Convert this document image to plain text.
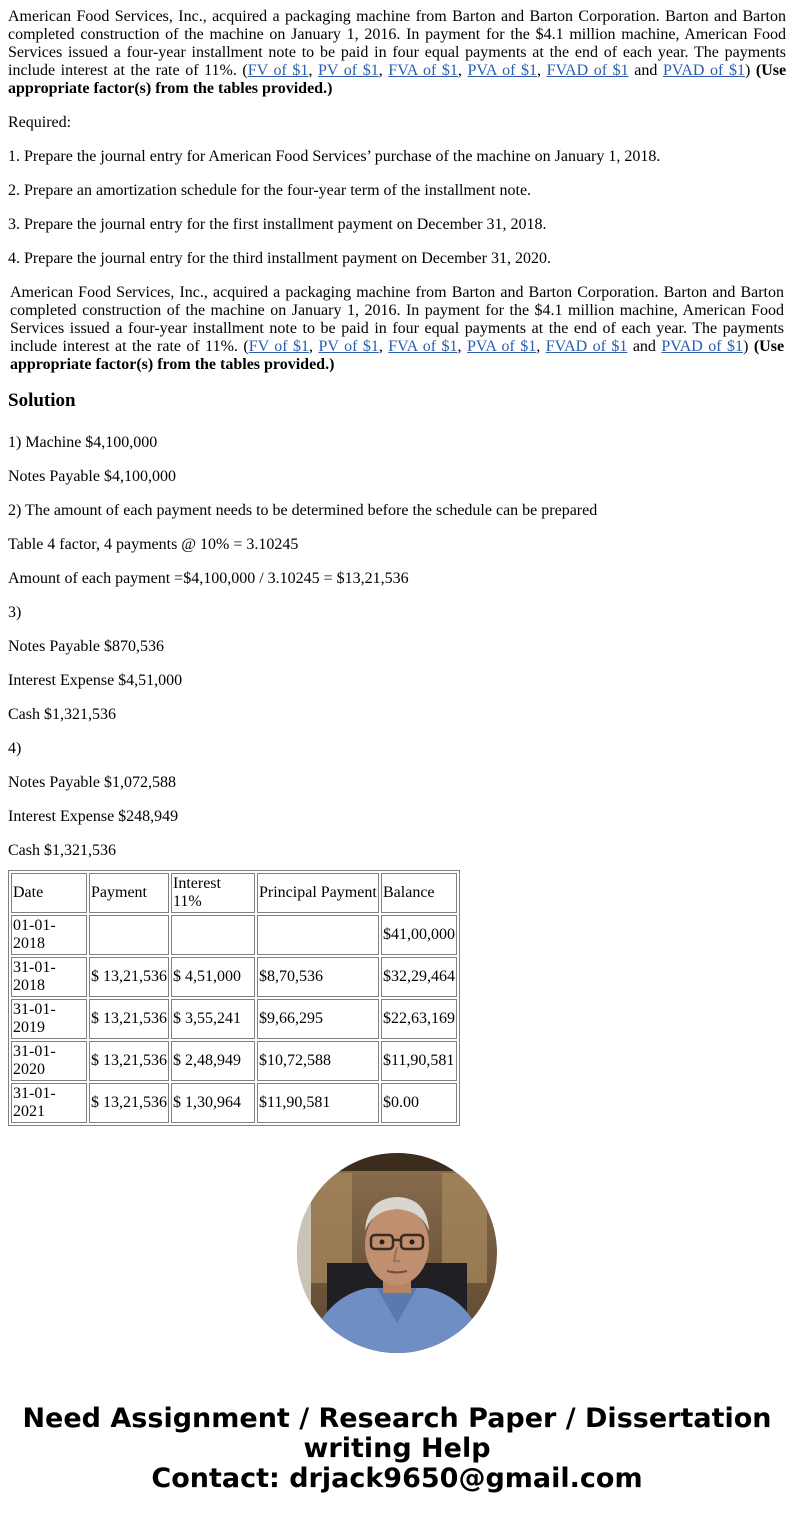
American Food Services, Inc., acquired a packaging machine from Barton and Barton Corporation. Barton and Barton completed construction of the machine on January 1, 2016. In payment for the $4.1 million machine, American Food Services issued a four-year installment note to be paid in four equal payments at the end of each year. The payments include interest at the rate of 11%. (FV of $1, PV of $1, FVA of $1, PVA of $1, FVAD of $1 and PVAD of $1) (Use appropriate factor(s) from the tables provided.)

Required:

1. Prepare the journal entry for American Food Services’ purchase of the machine on January 1, 2018.

2. Prepare an amortization schedule for the four-year term of the installment note.

3. Prepare the journal entry for the first installment payment on December 31, 2018.

4. Prepare the journal entry for the third installment payment on December 31, 2020.

American Food Services, Inc., acquired a packaging machine from Barton and Barton Corporation. Barton and Barton completed construction of the machine on January 1, 2016. In payment for the $4.1 million machine, American Food Services issued a four-year installment note to be paid in four equal payments at the end of each year. The payments include interest at the rate of 11%. (FV of $1, PV of $1, FVA of $1, PVA of $1, FVAD of $1 and PVAD of $1) (Use appropriate factor(s) from the tables provided.)

Solution

1) Machine $4,100,000

Notes Payable $4,100,000

2) The amount of each payment needs to be determined before the schedule can be prepared

Table 4 factor, 4 payments @ 10% = 3.10245

Amount of each payment =$4,100,000 / 3.10245 = $13,21,536

3)

Notes Payable $870,536

Interest Expense $4,51,000

Cash $1,321,536

4)

Notes Payable $1,072,588

Interest Expense $248,949

Cash $1,321,536

Date	Payment	Interest 11%	Principal Payment	Balance
01-01-2018				$41,00,000
31-01-2018	$ 13,21,536	$ 4,51,000	$8,70,536	$32,29,464
31-01-2019	$ 13,21,536	$ 3,55,241	$9,66,295	$22,63,169
31-01-2020	$ 13,21,536	$ 2,48,949	$10,72,588	$11,90,581
31-01-2021	$ 13,21,536	$ 1,30,964	$11,90,581	$0.00
Need Assignment / Research Paper / Dissertation
writing Help
Contact: drjack9650@gmail.com
